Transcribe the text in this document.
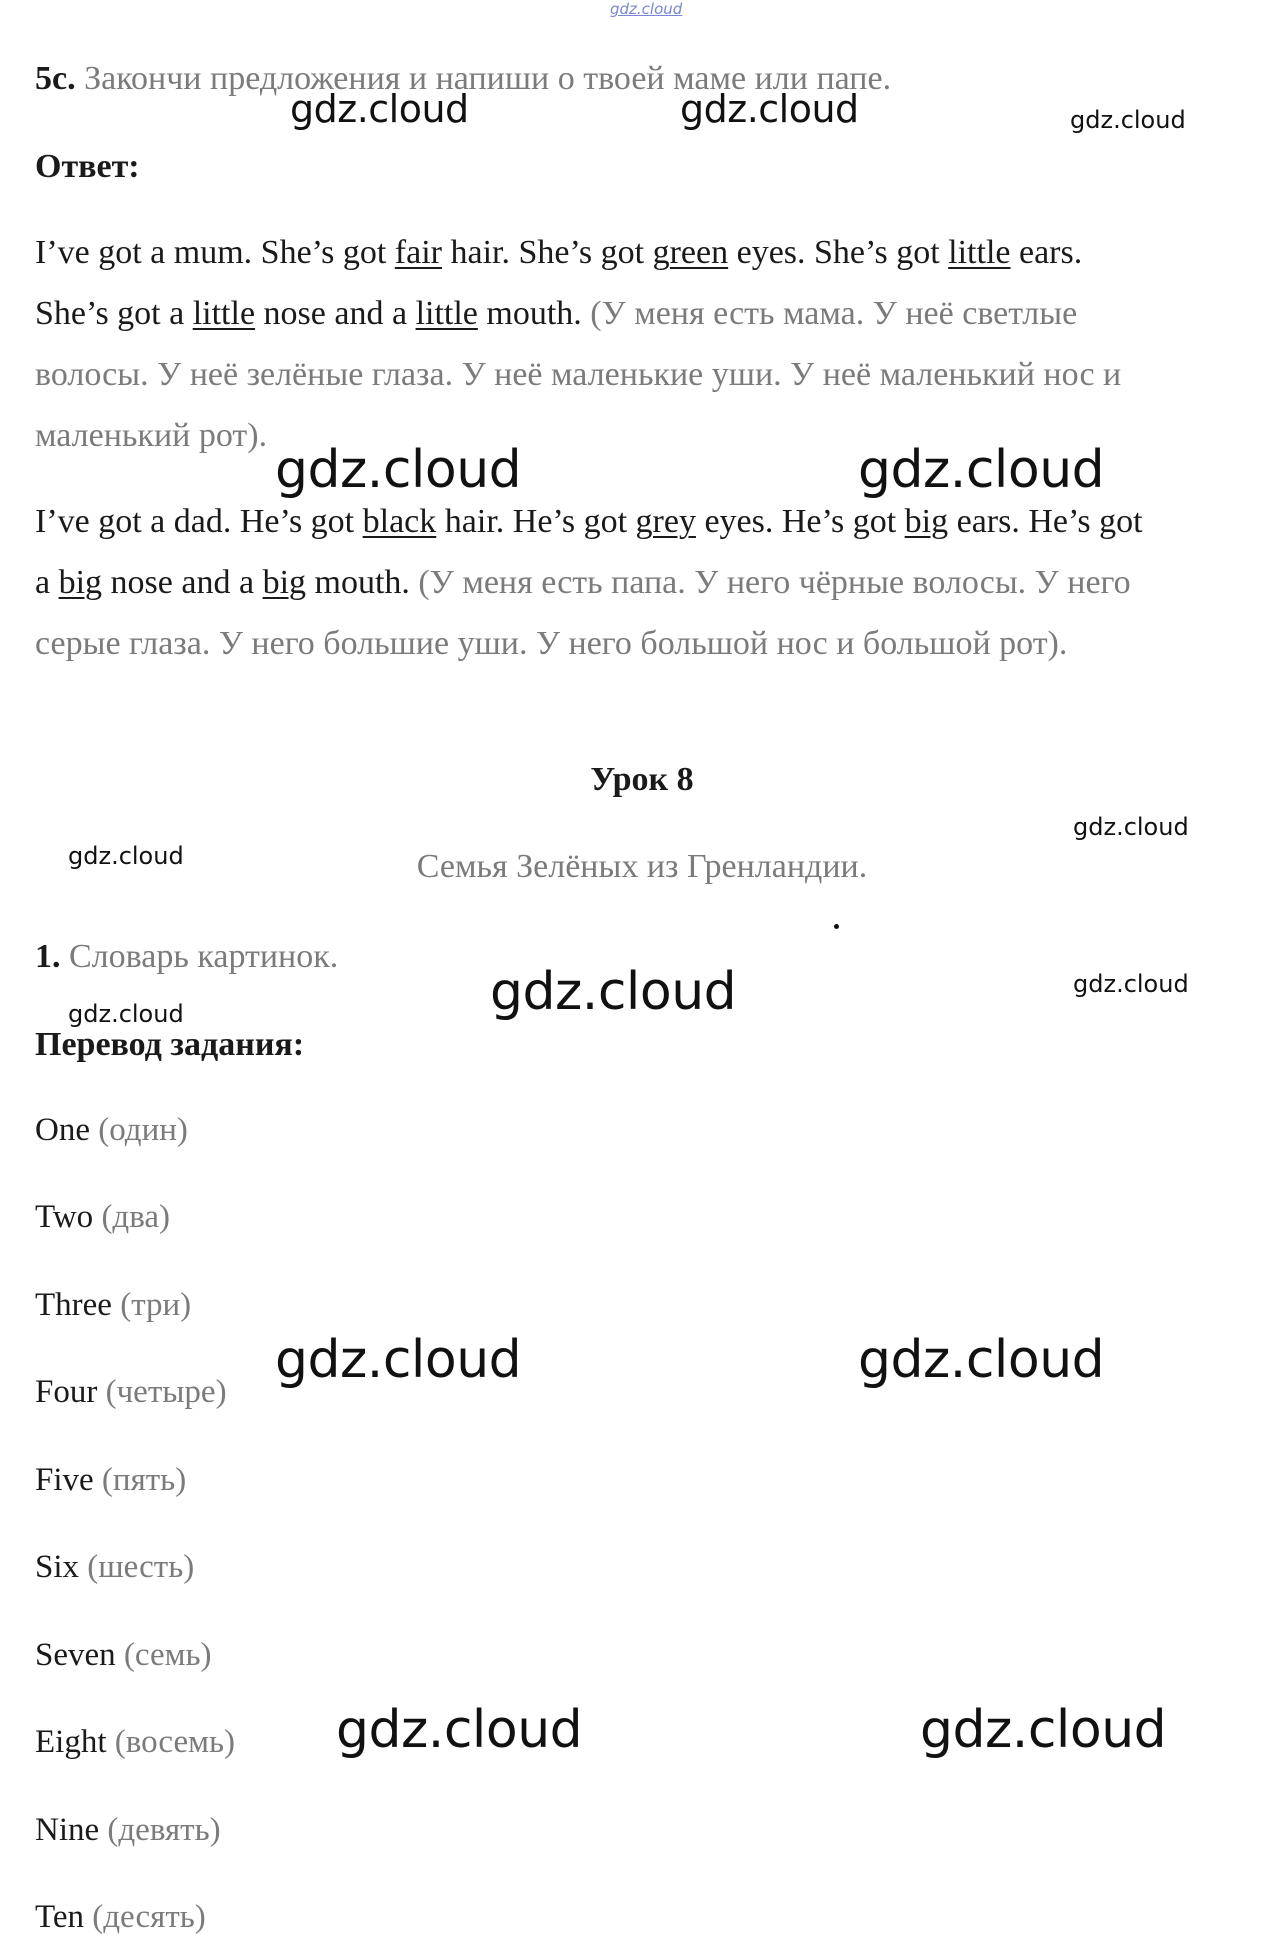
gdz.cloud
5c. Закончи предложения и напиши о твоей маме или папе.
Ответ:
I’ve got a mum. She’s got fair hair. She’s got green eyes. She’s got little ears.
She’s got a little nose and a little mouth. (У меня есть мама. У неё светлые
волосы. У неё зелёные глаза. У неё маленькие уши. У неё маленький нос и
маленький рот).
I’ve got a dad. He’s got black hair. He’s got grey eyes. He’s got big ears. He’s got
a big nose and a big mouth. (У меня есть папа. У него чёрные волосы. У него
серые глаза. У него большие уши. У него большой нос и большой рот).
Урок 8
Семья Зелёных из Гренландии.
1. Словарь картинок.
Перевод задания:
One (один)
Two (два)
Three (три)
Four (четыре)
Five (пять)
Six (шесть)
Seven (семь)
Eight (восемь)
Nine (девять)
Ten (десять)
gdz.cloud	gdz.cloud	gdz.cloud
gdz.cloud	gdz.cloud
gdz.cloud
gdz.cloud
gdz.cloud	gdz.cloud
gdz.cloud
gdz.cloud	gdz.cloud
gdz.cloud	gdz.cloud
